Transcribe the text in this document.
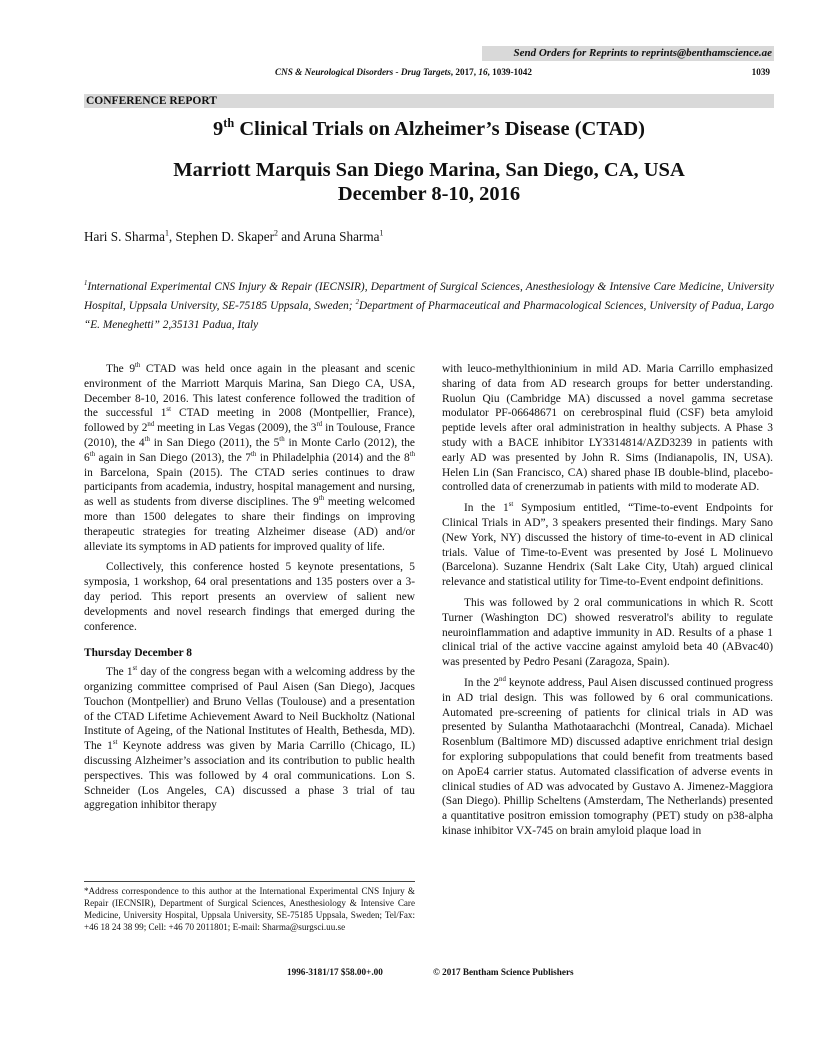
Send Orders for Reprints to reprints@benthamscience.ae
CNS & Neurological Disorders - Drug Targets, 2017, 16, 1039-1042	1039
CONFERENCE REPORT
9th Clinical Trials on Alzheimer’s Disease (CTAD)
Marriott Marquis San Diego Marina, San Diego, CA, USA
December 8-10, 2016
Hari S. Sharma$^1$, Stephen D. Skaper$^2$ and Aruna Sharma$^1$
$^1$International Experimental CNS Injury & Repair (IECNSIR), Department of Surgical Sciences, Anesthesiology & Intensive Care Medicine, University Hospital, Uppsala University, SE-75185 Uppsala, Sweden; $^2$Department of Pharmaceutical and Pharmacological Sciences, University of Padua, Largo “E. Meneghetti” 2,35131 Padua, Italy

The 9th CTAD was held once again in the pleasant and scenic environment of the Marriott Marquis Marina, San Diego CA, USA, December 8-10, 2016. This latest conference followed the tradition of the successful 1st CTAD meeting in 2008 (Montpellier, France), followed by 2nd meeting in Las Vegas (2009), the 3rd in Toulouse, France (2010), the 4th in San Diego (2011), the 5th in Monte Carlo (2012), the 6th again in San Diego (2013), the 7th in Philadelphia (2014) and the 8th in Barcelona, Spain (2015). The CTAD series continues to draw participants from academia, industry, hospital management and nursing, as well as students from diverse disciplines. The 9th meeting welcomed more than 1500 delegates to share their findings on improving therapeutic strategies for treating Alzheimer disease (AD) and/or alleviate its symptoms in AD patients for improved quality of life.

Collectively, this conference hosted 5 keynote presentations, 5 symposia, 1 workshop, 64 oral presentations and 135 posters over a 3-day period. This report presents an overview of salient new developments and novel research findings that emerged during the conference.

Thursday December 8

The 1st day of the congress began with a welcoming address by the organizing committee comprised of Paul Aisen (San Diego), Jacques Touchon (Montpellier) and Bruno Vellas (Toulouse) and a presentation of the CTAD Lifetime Achievement Award to Neil Buckholtz (National Institute of Ageing, of the National Institutes of Health, Bethesda, MD). The 1st Keynote address was given by Maria Carrillo (Chicago, IL) discussing Alzheimer’s association and its contribution to public health perspectives. This was followed by 4 oral communications. Lon S. Schneider (Los Angeles, CA) discussed a phase 3 trial of tau aggregation inhibitor therapy

with leuco-methylthioninium in mild AD. Maria Carrillo emphasized sharing of data from AD research groups for better understanding. Ruolun Qiu (Cambridge MA) discussed a novel gamma secretase modulator PF-06648671 on cerebrospinal fluid (CSF) beta amyloid peptide levels after oral administration in healthy subjects. A Phase 3 study with a BACE inhibitor LY3314814/AZD3239 in patients with early AD was presented by John R. Sims (Indianapolis, IN, USA). Helen Lin (San Francisco, CA) shared phase IB double-blind, placebo-controlled data of crenerzumab in patients with mild to moderate AD.

In the 1st Symposium entitled, “Time-to-event Endpoints for Clinical Trials in AD”, 3 speakers presented their findings. Mary Sano (New York, NY) discussed the history of time-to-event in AD clinical trials. Value of Time-to-Event was presented by José L Molinuevo (Barcelona). Suzanne Hendrix (Salt Lake City, Utah) argued clinical relevance and statistical utility for Time-to-Event endpoint definitions.

This was followed by 2 oral communications in which R. Scott Turner (Washington DC) showed resveratrol's ability to regulate neuroinflammation and adaptive immunity in AD. Results of a phase 1 clinical trial of the active vaccine against amyloid beta 40 (ABvac40) was presented by Pedro Pesani (Zaragoza, Spain).

In the 2nd keynote address, Paul Aisen discussed continued progress in AD trial design. This was followed by 6 oral communications. Automated pre-screening of patients for clinical trials in AD was presented by Sulantha Mathotaarachchi (Montreal, Canada). Michael Rosenblum (Baltimore MD) discussed adaptive enrichment trial design for exploring subpopulations that could benefit from treatments based on ApoE4 carrier status. Automated classification of adverse events in clinical studies of AD was advocated by Gustavo A. Jimenez-Maggiora (San Diego). Phillip Scheltens (Amsterdam, The Netherlands) presented a quantitative positron emission tomography (PET) study on p38-alpha kinase inhibitor VX-745 on brain amyloid plaque load in

*Address correspondence to this author at the International Experimental CNS Injury & Repair (IECNSIR), Department of Surgical Sciences, Anesthesiology & Intensive Care Medicine, University Hospital, Uppsala University, SE-75185 Uppsala, Sweden; Tel/Fax: +46 18 24 38 99; Cell: +46 70 2011801; E-mail: Sharma@surgsci.uu.se
1996-3181/17 $58.00+.00	© 2017 Bentham Science Publishers
